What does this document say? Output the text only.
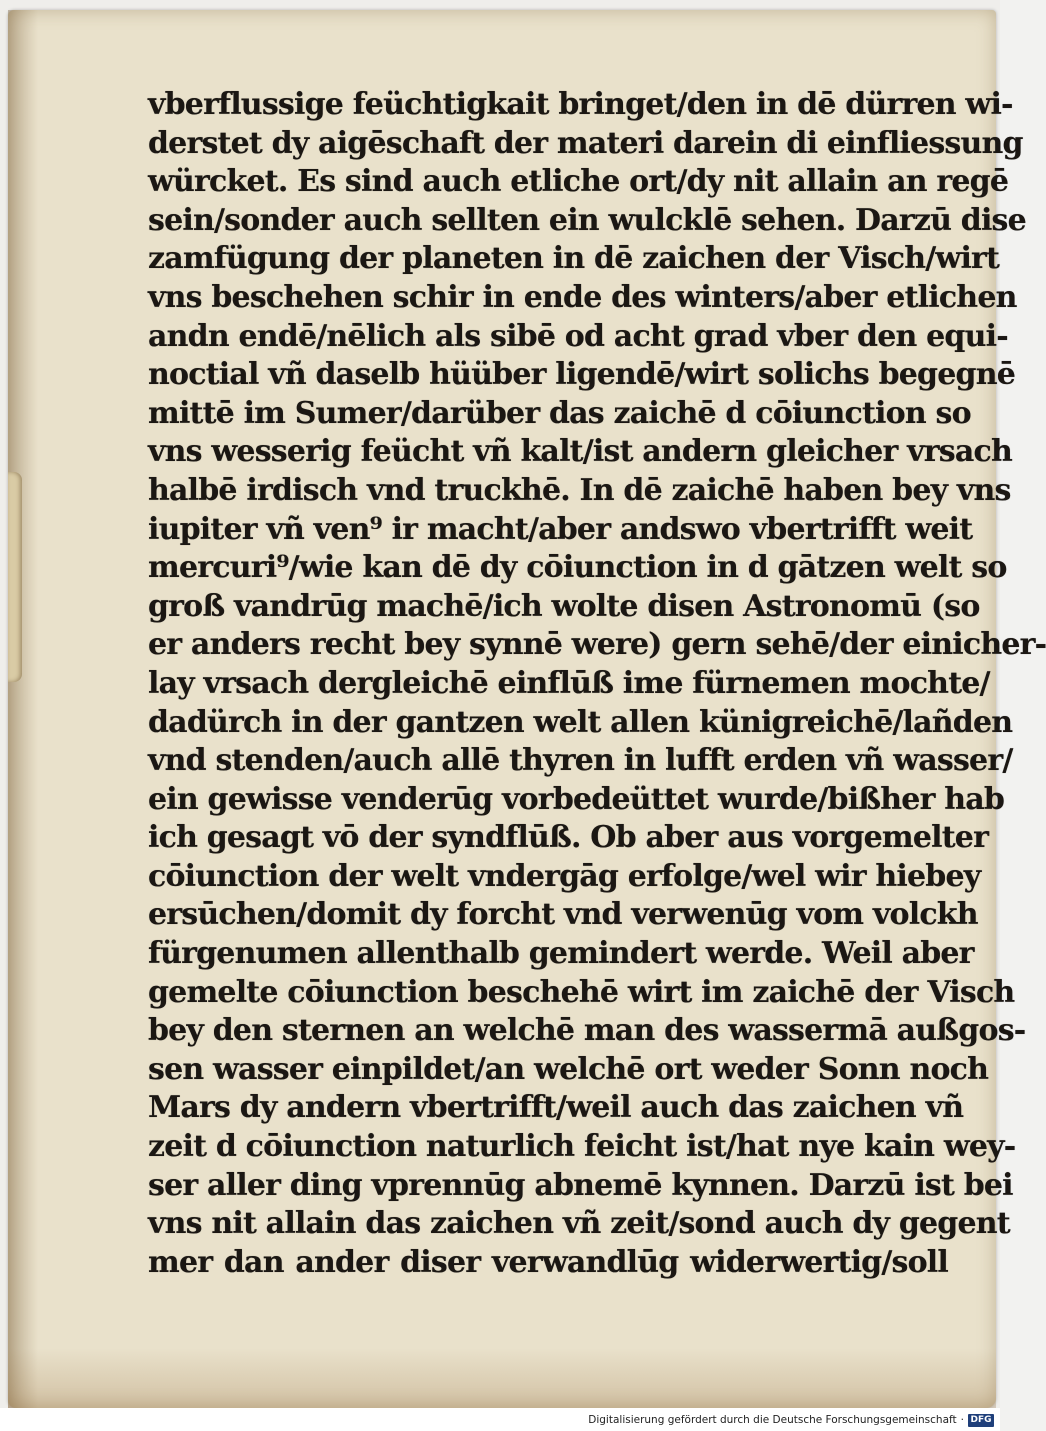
vberflussige feüchtigkait bringet/den in dē dürren wi-
derstet dy aigēschaft der materi darein di einfliessung
würcket. Es sind auch etliche ort/dy nit allain an regē
sein/sonder auch sellten ein wulcklē sehen. Darzū dise
zamfügung der planeten in dē zaichen der Visch/wirt
vns beschehen schir in ende des winters/aber etlichen
andn endē/nēlich als sibē od acht grad vber den equi-
noctial vñ daselb hüüber ligendē/wirt solichs begegnē
mittē im Sumer/darüber das zaichē d cōiunction so
vns wesserig feücht vñ kalt/ist andern gleicher vrsach
halbē irdisch vnd truckhē. In dē zaichē haben bey vns
iupiter vñ ven⁹ ir macht/aber andswo vbertrifft weit
mercuri⁹/wie kan dē dy cōiunction in d gātzen welt so
groß vandrūg machē/ich wolte disen Astronomū (so
er anders recht bey synnē were) gern sehē/der einicher-
lay vrsach dergleichē einflūß ime fürnemen mochte/
dadürch in der gantzen welt allen künigreichē/lañden
vnd stenden/auch allē thyren in lufft erden vñ wasser/
ein gewisse venderūg vorbedeüttet wurde/bißher hab
ich gesagt vō der syndflūß. Ob aber aus vorgemelter
cōiunction der welt vndergāg erfolge/wel wir hiebey
ersūchen/domit dy forcht vnd verwenūg vom volckh
fürgenumen allenthalb gemindert werde. Weil aber
gemelte cōiunction beschehē wirt im zaichē der Visch
bey den sternen an welchē man des wassermā außgos-
sen wasser einpildet/an welchē ort weder Sonn noch
Mars dy andern vbertrifft/weil auch das zaichen vñ
zeit d cōiunction naturlich feicht ist/hat nye kain wey-
ser aller ding vprennūg abnemē kynnen. Darzū ist bei
vns nit allain das zaichen vñ zeit/sond auch dy gegent
mer dan ander diser verwandlūg widerwertig/soll
Digitalisierung gefördert durch die Deutsche Forschungsgemeinschaft · DFG
